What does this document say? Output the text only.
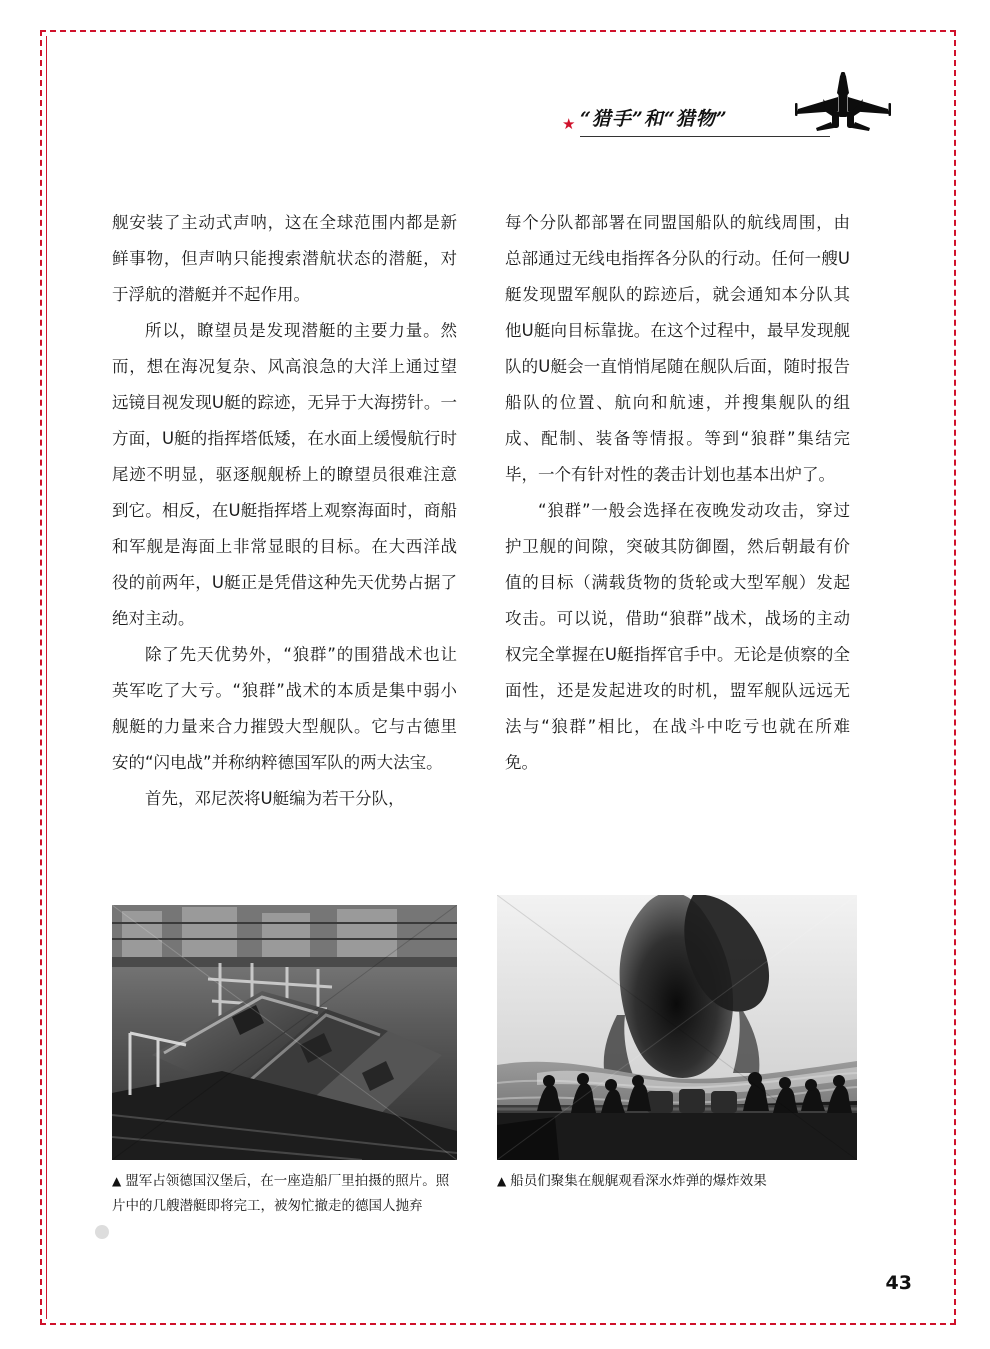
★ “猎手”和“猎物”

舰安装了主动式声呐，这在全球范围内都是新鲜事物，但声呐只能搜索潜航状态的潜艇，对于浮航的潜艇并不起作用。

所以，瞭望员是发现潜艇的主要力量。然而，想在海况复杂、风高浪急的大洋上通过望远镜目视发现U艇的踪迹，无异于大海捞针。一方面，U艇的指挥塔低矮，在水面上缓慢航行时尾迹不明显，驱逐舰舰桥上的瞭望员很难注意到它。相反，在U艇指挥塔上观察海面时，商船和军舰是海面上非常显眼的目标。在大西洋战役的前两年，U艇正是凭借这种先天优势占据了绝对主动。

除了先天优势外，“狼群”的围猎战术也让英军吃了大亏。“狼群”战术的本质是集中弱小舰艇的力量来合力摧毁大型舰队。它与古德里安的“闪电战”并称纳粹德国军队的两大法宝。

首先，邓尼茨将U艇编为若干分队，

每个分队都部署在同盟国船队的航线周围，由总部通过无线电指挥各分队的行动。任何一艘U艇发现盟军舰队的踪迹后，就会通知本分队其他U艇向目标靠拢。在这个过程中，最早发现舰队的U艇会一直悄悄尾随在舰队后面，随时报告船队的位置、航向和航速，并搜集舰队的组成、配制、装备等情报。等到“狼群”集结完毕，一个有针对性的袭击计划也基本出炉了。

“狼群”一般会选择在夜晚发动攻击，穿过护卫舰的间隙，突破其防御圈，然后朝最有价值的目标（满载货物的货轮或大型军舰）发起攻击。可以说，借助“狼群”战术，战场的主动权完全掌握在U艇指挥官手中。无论是侦察的全面性，还是发起进攻的时机，盟军舰队远远无法与“狼群”相比，在战斗中吃亏也就在所难免。

▲ 盟军占领德国汉堡后，在一座造船厂里拍摄的照片。照片中的几艘潜艇即将完工，被匆忙撤走的德国人抛弃
▲ 船员们聚集在舰艉观看深水炸弹的爆炸效果
43
